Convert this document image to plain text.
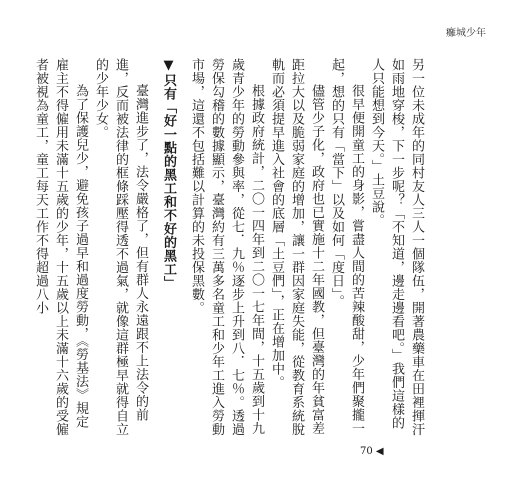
癱城少年

另一位未成年的同村友人三人一個隊伍，開著農藥車在田裡揮汗如雨地穿梭，下一步呢？「不知道，邊走邊看吧。」我們這樣的人只能想到今天。」土豆說。

很早便開童工的身影，嘗盡人間的苦辣酸甜，少年們聚攏一起，想的只有「當下」以及如何「度日」。

儘管少子化，政府也已實施十二年國教，但臺灣的年貧富差距拉大以及脆弱家庭的增加，讓一群因家庭失能，從教育系統脫軌而必須提早進入社會的底層「土豆們」，正在增加中。

根據政府統計，二〇一四年到二〇一七年間，十五歲到十九歲青少年的勞動參與率，從七．九％逐步上升到八．七％。透過勞保勾稽的數據顯示，臺灣約有三萬多名童工和少年工進入勞動市場，這還不包括難以計算的未投保黑數。

▼只有「好一點的黑工和不好的黑工」

臺灣進步了，法令嚴格了，但有群人永遠跟不上法令的前進，反而被法律的框條踩壓得透不過氣，就像這群極早就得自立的少年少女。

為了保護兒少，避免孩子過早和過度勞動，《勞基法》規定雇主不得僱用未滿十五歲的少年，十五歲以上未滿十六歲的受僱者被視為童工，童工每天工作不得超過八小

70 ◀
